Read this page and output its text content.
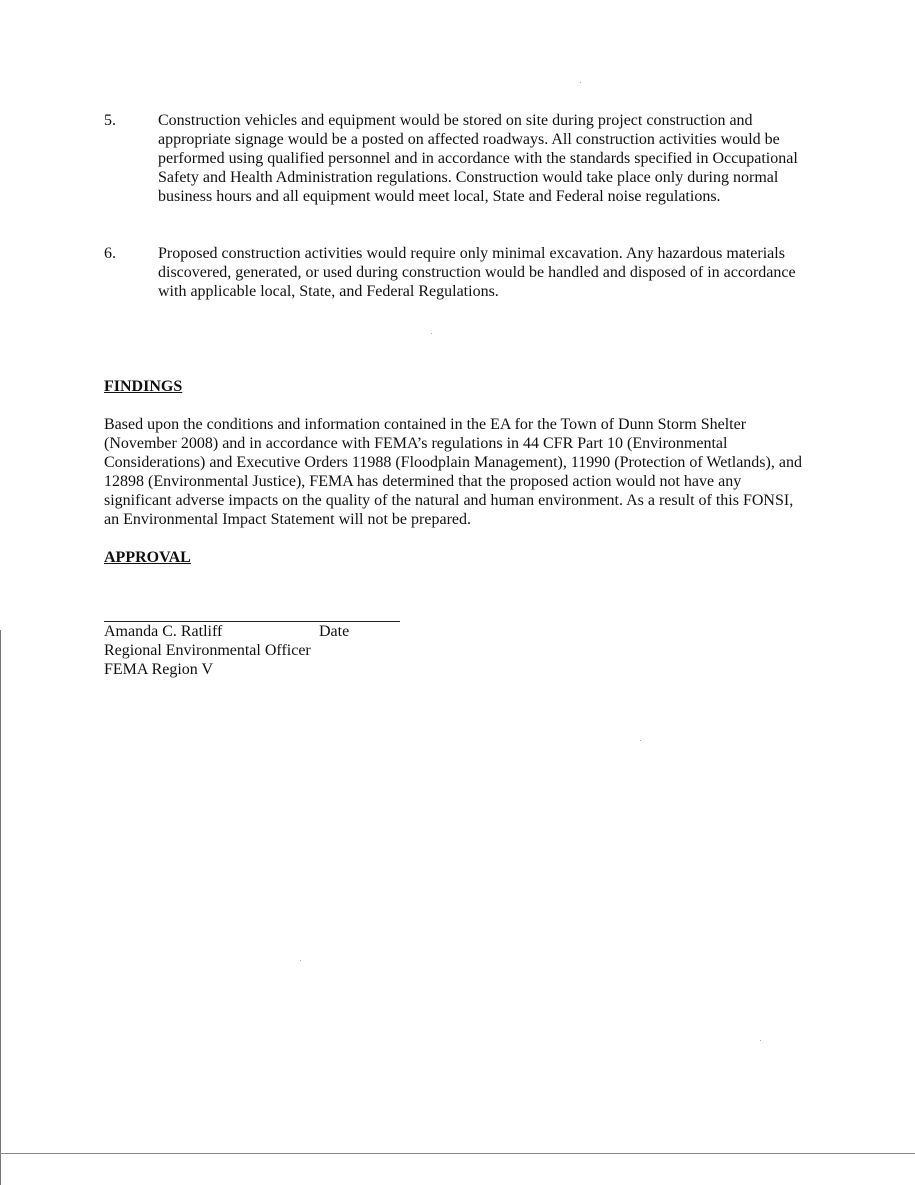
5.	Construction vehicles and equipment would be stored on site during project construction and appropriate signage would be a posted on affected roadways. All construction activities would be performed using qualified personnel and in accordance with the standards specified in Occupational Safety and Health Administration regulations. Construction would take place only during normal business hours and all equipment would meet local, State and Federal noise regulations.
6.	Proposed construction activities would require only minimal excavation. Any hazardous materials discovered, generated, or used during construction would be handled and disposed of in accordance with applicable local, State, and Federal Regulations.
FINDINGS
Based upon the conditions and information contained in the EA for the Town of Dunn Storm Shelter (November 2008) and in accordance with FEMA’s regulations in 44 CFR Part 10 (Environmental Considerations) and Executive Orders 11988 (Floodplain Management), 11990 (Protection of Wetlands), and 12898 (Environmental Justice), FEMA has determined that the proposed action would not have any significant adverse impacts on the quality of the natural and human environment. As a result of this FONSI, an Environmental Impact Statement will not be prepared.
APPROVAL
Amanda C. Ratliff	Date
Regional Environmental Officer
FEMA Region V
